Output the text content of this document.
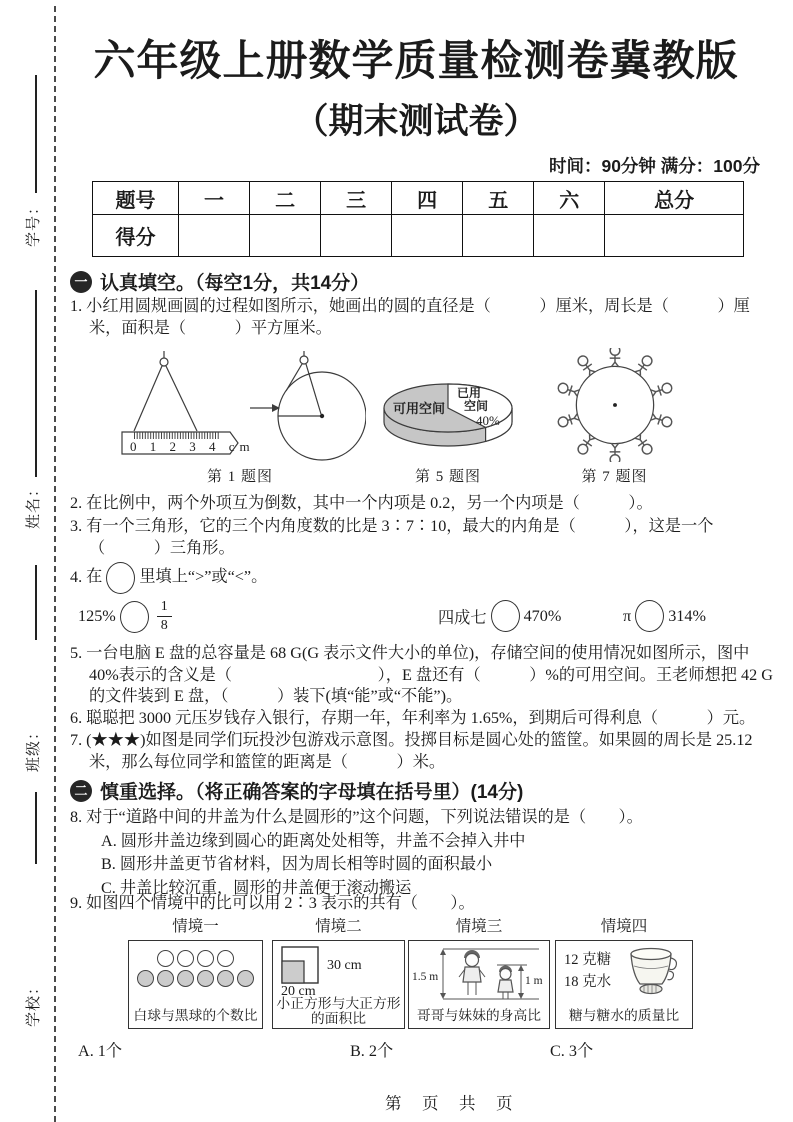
学号：
姓名：
班级：
学校：
六年级上册数学质量检测卷冀教版
（期末测试卷）
时间：90分钟 满分：100分
题号	一	二	三	四	五	六	总分
得分							
一 认真填空。（每空1分，共14分）
1. 小红用圆规画圆的过程如图所示，她画出的圆的直径是（　　　）厘米，周长是（　　　）厘米，面积是（　　　）平方厘米。
0 1 2 3 4 cm
第 1 题图
可用空间
已用
空间
40%
第 5 题图	第 7 题图
2. 在比例中，两个外项互为倒数，其中一个内项是 0.2，另一个内项是（　　　）。
3. 有一个三角形，它的三个内角度数的比是 3∶7∶10，最大的内角是（　　　），这是一个（　　　）三角形。
4. 在 里填上“>”或“<”。
125%	$\frac{1}{8}$	四成七 470%	π 314%
5. 一台电脑 E 盘的总容量是 68 G(G 表示文件大小的单位)，存储空间的使用情况如图所示，图中40%表示的含义是（　　　　　　　　　），E 盘还有（　　　）%的可用空间。王老师想把 42 G 的文件装到 E 盘，（　　　）装下(填“能”或“不能”)。
6. 聪聪把 3000 元压岁钱存入银行，存期一年，年利率为 1.65%，到期后可得利息（　　　）元。
7. (★★★)如图是同学们玩投沙包游戏示意图。投掷目标是圆心处的篮筐。如果圆的周长是 25.12 米，那么每位同学和篮筐的距离是（　　　）米。
二 慎重选择。（将正确答案的字母填在括号里）(14分)
8. 对于“道路中间的井盖为什么是圆形的”这个问题，下列说法错误的是（　　）。
A. 圆形井盖边缘到圆心的距离处处相等，井盖不会掉入井中
B. 圆形井盖更节省材料，因为周长相等时圆的面积最小
C. 井盖比较沉重，圆形的井盖便于滚动搬运
9. 如图四个情境中的比可以用 2∶3 表示的共有（　　）。
情境一
白球与黑球的个数比
情境二
30 cm
20 cm
小正方形与大正方形的面积比
情境三
1.5 m	1 m
哥哥与妹妹的身高比
情境四
12 克糖
18 克水
糖与糖水的质量比
A. 1个	B. 2个	C. 3个
第　页　共　页
